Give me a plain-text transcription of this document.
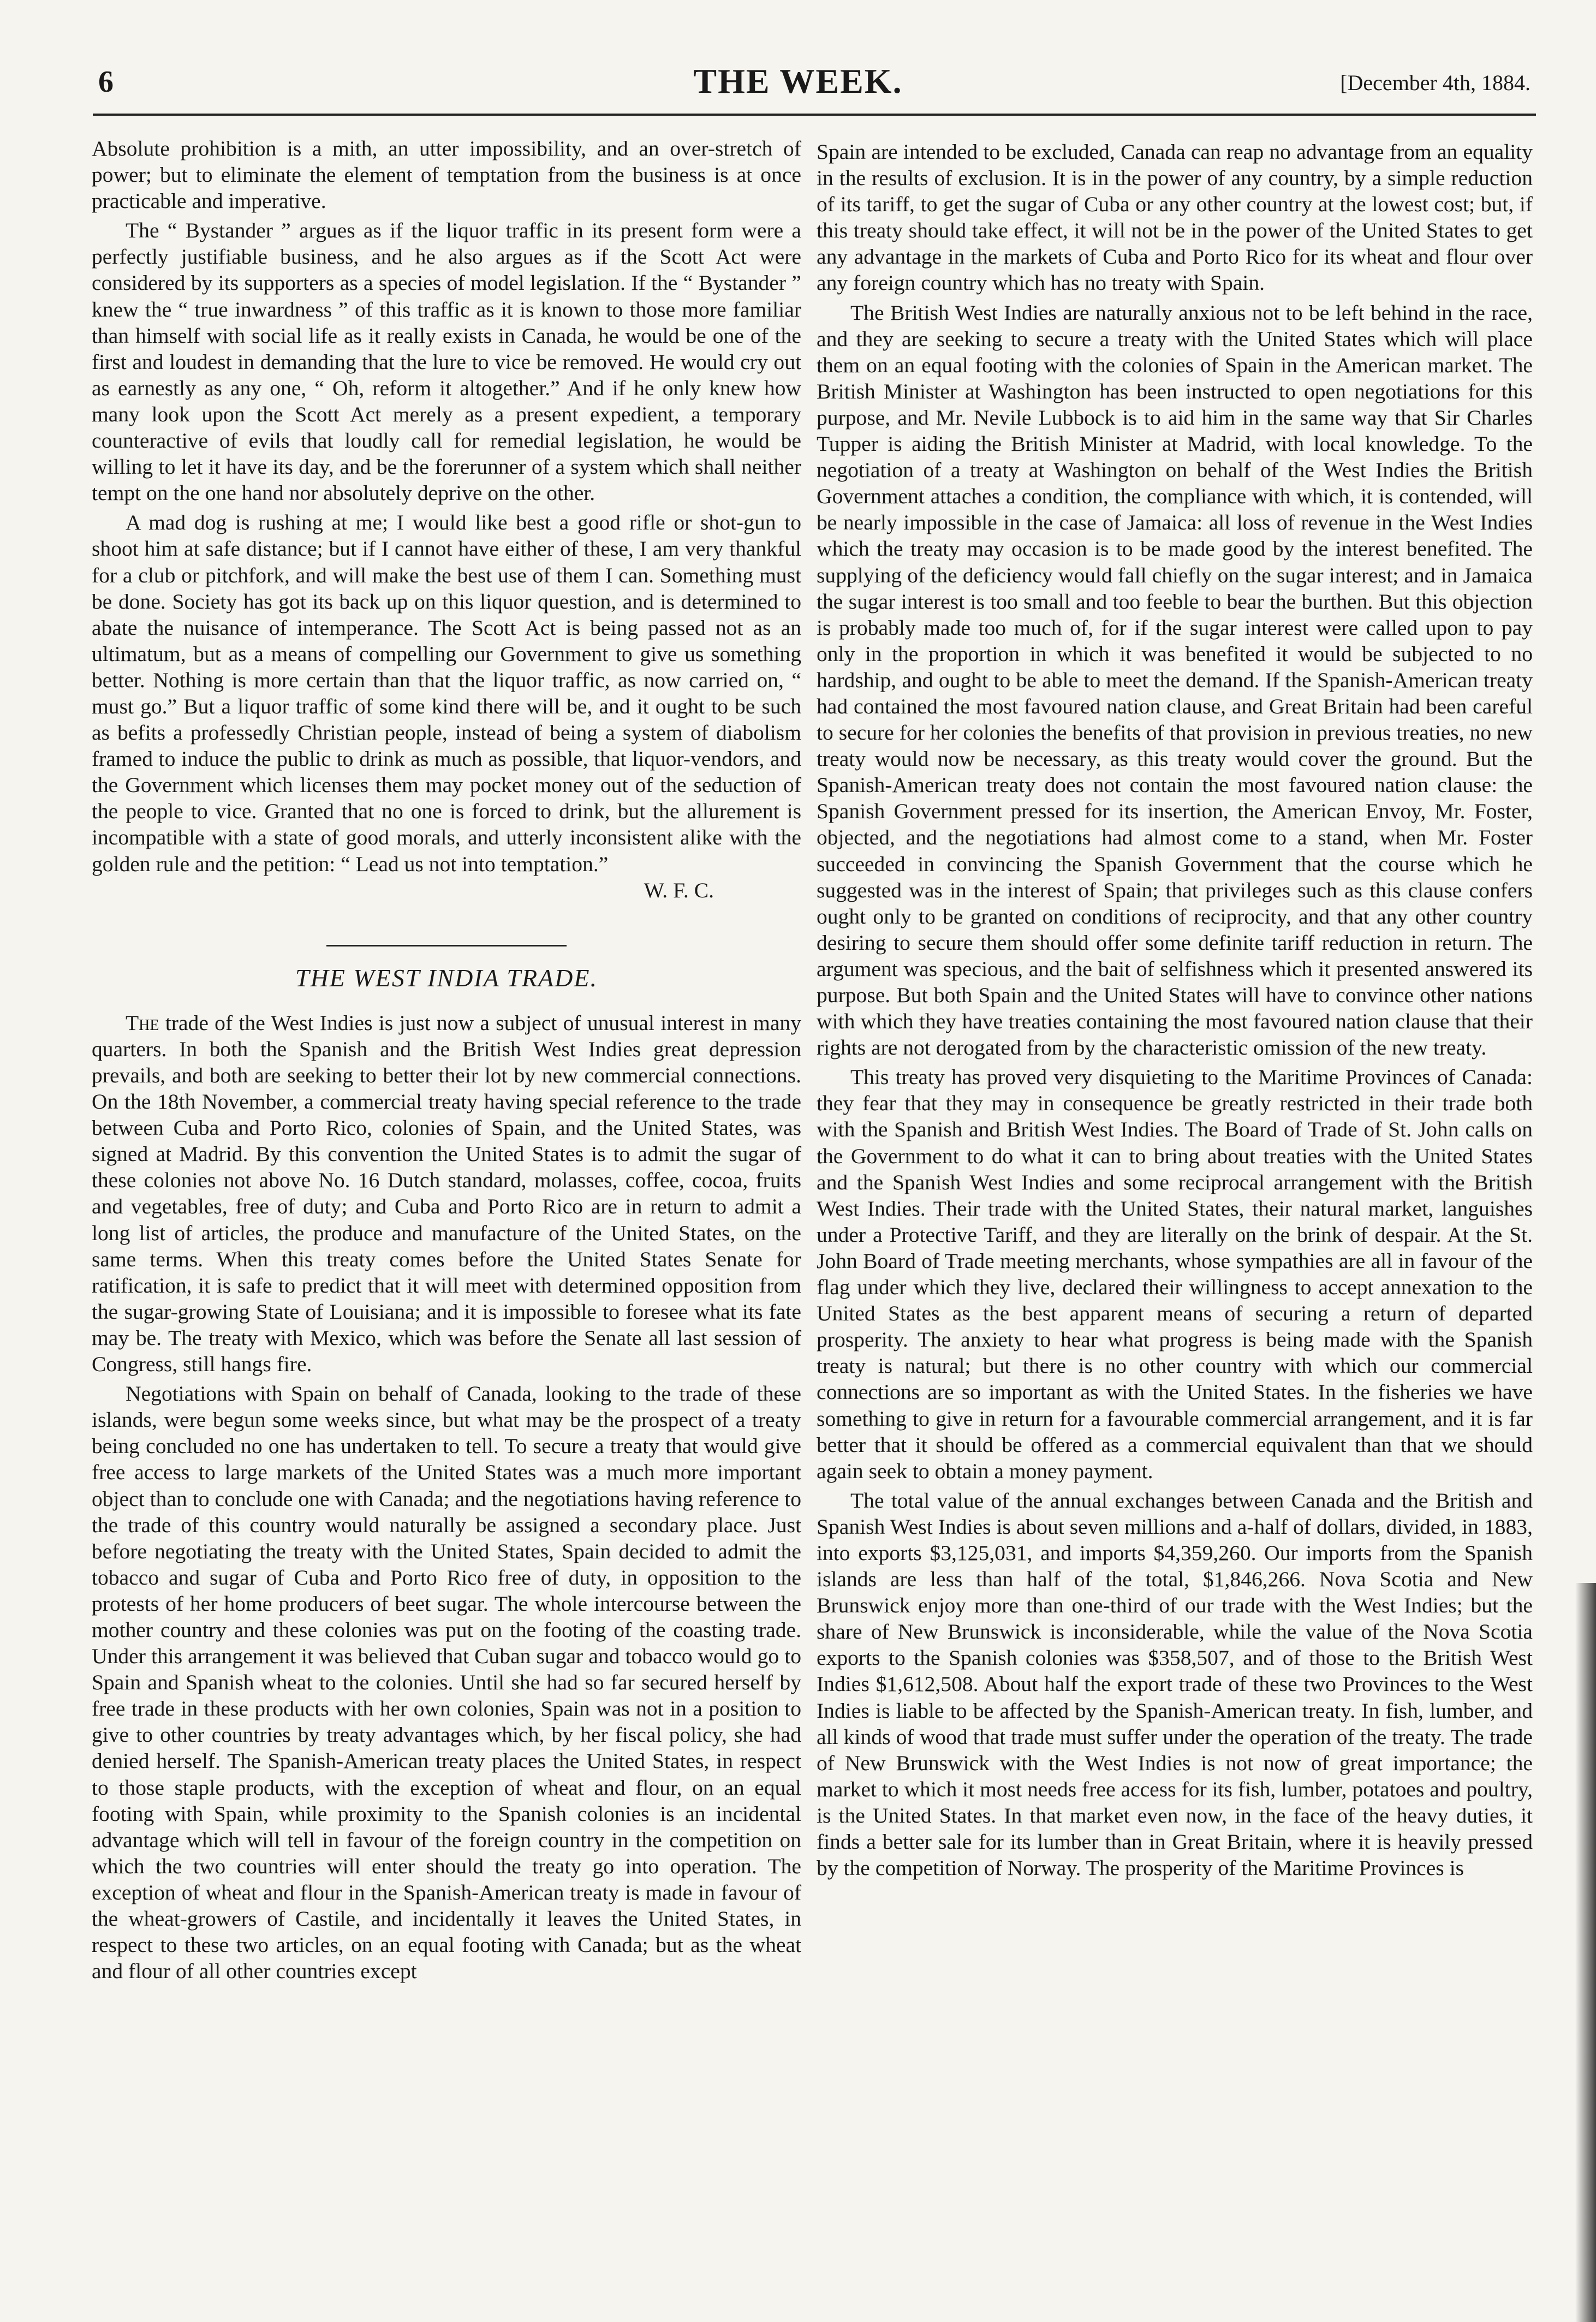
6	THE WEEK.	[December 4th, 1884.

Absolute prohibition is a mith, an utter impossibility, and an over-stretch of power; but to eliminate the element of temptation from the business is at once practicable and imperative.

The “ Bystander ” argues as if the liquor traffic in its present form were a perfectly justifiable business, and he also argues as if the Scott Act were considered by its supporters as a species of model legislation. If the “ Bystander ” knew the “ true inwardness ” of this traffic as it is known to those more familiar than himself with social life as it really exists in Canada, he would be one of the first and loudest in demanding that the lure to vice be removed. He would cry out as earnestly as any one, “ Oh, reform it altogether.” And if he only knew how many look upon the Scott Act merely as a present expedient, a temporary counteractive of evils that loudly call for remedial legislation, he would be willing to let it have its day, and be the forerunner of a system which shall neither tempt on the one hand nor absolutely deprive on the other.

A mad dog is rushing at me; I would like best a good rifle or shot-gun to shoot him at safe distance; but if I cannot have either of these, I am very thankful for a club or pitchfork, and will make the best use of them I can. Something must be done. Society has got its back up on this liquor question, and is determined to abate the nuisance of intemperance. The Scott Act is being passed not as an ultimatum, but as a means of compelling our Government to give us something better. Nothing is more certain than that the liquor traffic, as now carried on, “ must go.” But a liquor traffic of some kind there will be, and it ought to be such as befits a professedly Christian people, instead of being a system of diabolism framed to induce the public to drink as much as possible, that liquor-vendors, and the Government which licenses them may pocket money out of the seduction of the people to vice. Granted that no one is forced to drink, but the allurement is incompatible with a state of good morals, and utterly inconsistent alike with the golden rule and the petition: “ Lead us not into temptation.”

W. F. C.
THE WEST INDIA TRADE.

The trade of the West Indies is just now a subject of unusual interest in many quarters. In both the Spanish and the British West Indies great depression prevails, and both are seeking to better their lot by new commercial connections. On the 18th November, a commercial treaty having special reference to the trade between Cuba and Porto Rico, colonies of Spain, and the United States, was signed at Madrid. By this convention the United States is to admit the sugar of these colonies not above No. 16 Dutch standard, molasses, coffee, cocoa, fruits and vegetables, free of duty; and Cuba and Porto Rico are in return to admit a long list of articles, the produce and manufacture of the United States, on the same terms. When this treaty comes before the United States Senate for ratification, it is safe to predict that it will meet with determined opposition from the sugar-growing State of Louisiana; and it is impossible to foresee what its fate may be. The treaty with Mexico, which was before the Senate all last session of Congress, still hangs fire.

Negotiations with Spain on behalf of Canada, looking to the trade of these islands, were begun some weeks since, but what may be the prospect of a treaty being concluded no one has undertaken to tell. To secure a treaty that would give free access to large markets of the United States was a much more important object than to conclude one with Canada; and the negotiations having reference to the trade of this country would naturally be assigned a secondary place. Just before negotiating the treaty with the United States, Spain decided to admit the tobacco and sugar of Cuba and Porto Rico free of duty, in opposition to the protests of her home producers of beet sugar. The whole intercourse between the mother country and these colonies was put on the footing of the coasting trade. Under this arrangement it was believed that Cuban sugar and tobacco would go to Spain and Spanish wheat to the colonies. Until she had so far secured herself by free trade in these products with her own colonies, Spain was not in a position to give to other countries by treaty advantages which, by her fiscal policy, she had denied herself. The Spanish-American treaty places the United States, in respect to those staple products, with the exception of wheat and flour, on an equal footing with Spain, while proximity to the Spanish colonies is an incidental advantage which will tell in favour of the foreign country in the competition on which the two countries will enter should the treaty go into operation. The exception of wheat and flour in the Spanish-American treaty is made in favour of the wheat-growers of Castile, and incidentally it leaves the United States, in respect to these two articles, on an equal footing with Canada; but as the wheat and flour of all other countries except

Spain are intended to be excluded, Canada can reap no advantage from an equality in the results of exclusion. It is in the power of any country, by a simple reduction of its tariff, to get the sugar of Cuba or any other country at the lowest cost; but, if this treaty should take effect, it will not be in the power of the United States to get any advantage in the markets of Cuba and Porto Rico for its wheat and flour over any foreign country which has no treaty with Spain.

The British West Indies are naturally anxious not to be left behind in the race, and they are seeking to secure a treaty with the United States which will place them on an equal footing with the colonies of Spain in the American market. The British Minister at Washington has been instructed to open negotiations for this purpose, and Mr. Nevile Lubbock is to aid him in the same way that Sir Charles Tupper is aiding the British Minister at Madrid, with local knowledge. To the negotiation of a treaty at Washington on behalf of the West Indies the British Government attaches a condition, the compliance with which, it is contended, will be nearly impossible in the case of Jamaica: all loss of revenue in the West Indies which the treaty may occasion is to be made good by the interest benefited. The supplying of the deficiency would fall chiefly on the sugar interest; and in Jamaica the sugar interest is too small and too feeble to bear the burthen. But this objection is probably made too much of, for if the sugar interest were called upon to pay only in the proportion in which it was benefited it would be subjected to no hardship, and ought to be able to meet the demand. If the Spanish-American treaty had contained the most favoured nation clause, and Great Britain had been careful to secure for her colonies the benefits of that provision in previous treaties, no new treaty would now be necessary, as this treaty would cover the ground. But the Spanish-American treaty does not contain the most favoured nation clause: the Spanish Government pressed for its insertion, the American Envoy, Mr. Foster, objected, and the negotiations had almost come to a stand, when Mr. Foster succeeded in convincing the Spanish Government that the course which he suggested was in the interest of Spain; that privileges such as this clause confers ought only to be granted on conditions of reciprocity, and that any other country desiring to secure them should offer some definite tariff reduction in return. The argument was specious, and the bait of selfishness which it presented answered its purpose. But both Spain and the United States will have to convince other nations with which they have treaties containing the most favoured nation clause that their rights are not derogated from by the characteristic omission of the new treaty.

This treaty has proved very disquieting to the Maritime Provinces of Canada: they fear that they may in consequence be greatly restricted in their trade both with the Spanish and British West Indies. The Board of Trade of St. John calls on the Government to do what it can to bring about treaties with the United States and the Spanish West Indies and some reciprocal arrangement with the British West Indies. Their trade with the United States, their natural market, languishes under a Protective Tariff, and they are literally on the brink of despair. At the St. John Board of Trade meeting merchants, whose sympathies are all in favour of the flag under which they live, declared their willingness to accept annexation to the United States as the best apparent means of securing a return of departed prosperity. The anxiety to hear what progress is being made with the Spanish treaty is natural; but there is no other country with which our commercial connections are so important as with the United States. In the fisheries we have something to give in return for a favourable commercial arrangement, and it is far better that it should be offered as a commercial equivalent than that we should again seek to obtain a money payment.

The total value of the annual exchanges between Canada and the British and Spanish West Indies is about seven millions and a-half of dollars, divided, in 1883, into exports $3,125,031, and imports $4,359,260. Our imports from the Spanish islands are less than half of the total, $1,846,266. Nova Scotia and New Brunswick enjoy more than one-third of our trade with the West Indies; but the share of New Brunswick is inconsiderable, while the value of the Nova Scotia exports to the Spanish colonies was $358,507, and of those to the British West Indies $1,612,508. About half the export trade of these two Provinces to the West Indies is liable to be affected by the Spanish-American treaty. In fish, lumber, and all kinds of wood that trade must suffer under the operation of the treaty. The trade of New Brunswick with the West Indies is not now of great importance; the market to which it most needs free access for its fish, lumber, potatoes and poultry, is the United States. In that market even now, in the face of the heavy duties, it finds a better sale for its lumber than in Great Britain, where it is heavily pressed by the competition of Norway. The prosperity of the Maritime Provinces is
